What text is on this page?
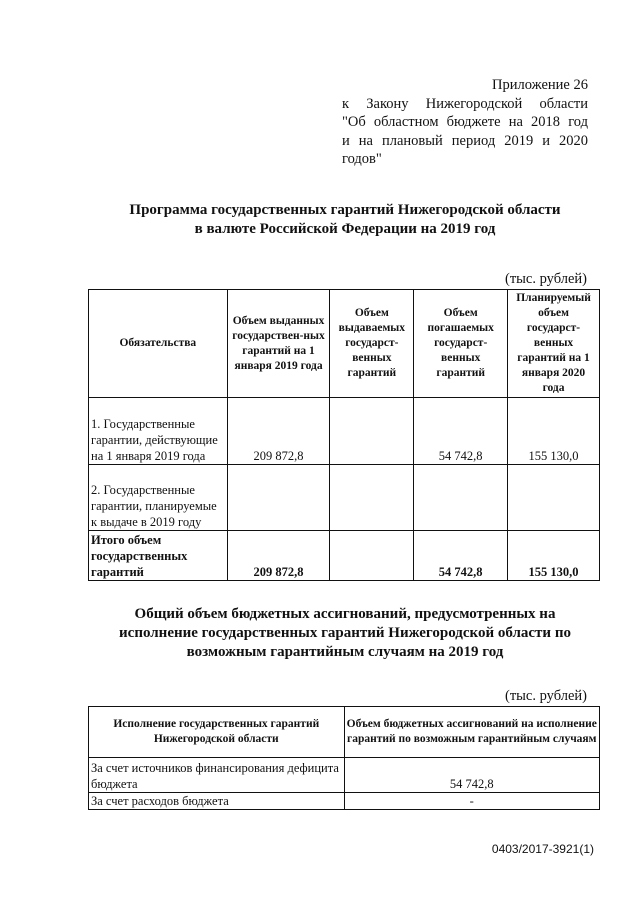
Приложение 26
к Закону Нижегородской области
"Об областном бюджете на 2018 год
и на плановый период 2019 и 2020
годов"
Программа государственных гарантий Нижегородской области
в валюте Российской Федерации на 2019 год
(тыс. рублей)
Обязательства	Объем выданных государствен-ных гарантий на 1 января 2019 года	Объем выдаваемых государст-венных гарантий	Объем погашаемых государст-венных гарантий	Планируемый объем государст-венных гарантий на 1 января 2020 года
1. Государственные гарантии, действующие на 1 января 2019 года	209 872,8		54 742,8	155 130,0
2. Государственные гарантии, планируемые к выдаче в 2019 году				
Итого объем государственных гарантий	209 872,8		54 742,8	155 130,0
Общий объем бюджетных ассигнований, предусмотренных на
исполнение государственных гарантий Нижегородской области по
возможным гарантийным случаям на 2019 год
(тыс. рублей)
Исполнение государственных гарантий Нижегородской области	Объем бюджетных ассигнований на исполнение гарантий по возможным гарантийным случаям
За счет источников финансирования дефицита бюджета	54 742,8
За счет расходов бюджета	-
0403/2017-3921(1)
